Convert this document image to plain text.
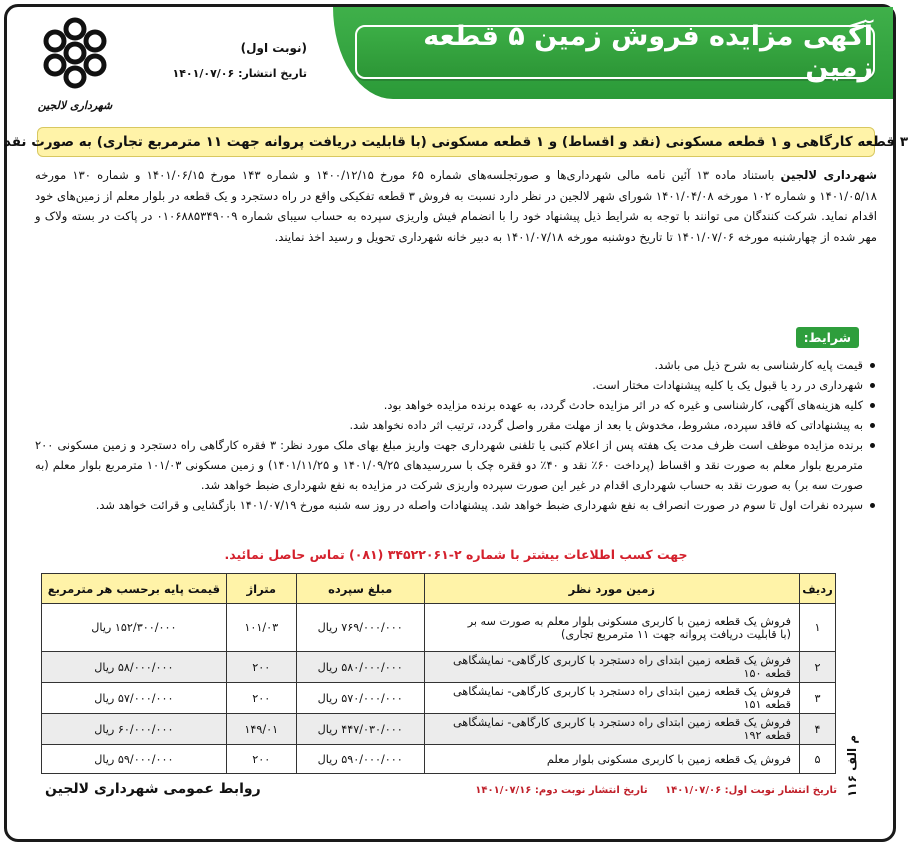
آگهی مزایده فروش زمین ۵ قطعه زمین
شهرداری لالجین
(نوبت اول)
تاریخ انتشار: ۱۴۰۱/۰۷/۰۶
۳ قطعه کارگاهی و ۱ قطعه مسکونی (نقد و اقساط) و ۱ قطعه مسکونی (با قابلیت دریافت پروانه جهت ۱۱ مترمربع تجاری) به صورت نقد

شهرداری لالجین باستناد ماده ۱۳ آئین نامه مالی شهرداری‌ها و صورتجلسه‌های شماره ۶۵ مورخ ۱۴۰۰/۱۲/۱۵ و شماره ۱۴۳ مورخ ۱۴۰۱/۰۶/۱۵ و شماره ۱۳۰ مورخه ۱۴۰۱/۰۵/۱۸ و شماره ۱۰۲ مورخه ۱۴۰۱/۰۴/۰۸ شورای شهر لالجین در نظر دارد نسبت به فروش ۳ قطعه تفکیکی واقع در راه دستجرد و یک قطعه در بلوار معلم از زمین‌های خود اقدام نماید. شرکت کنندگان می توانند با توجه به شرایط ذیل پیشنهاد خود را با انضمام فیش واریزی سپرده به حساب سیبای شماره ۰۱۰۶۸۸۵۳۴۹۰۰۹ در پاکت در بسته ولاک و مهر شده از چهارشنبه مورخه ۱۴۰۱/۰۷/۰۶ تا تاریخ دوشنبه مورخه ۱۴۰۱/۰۷/۱۸ به دبیر خانه شهرداری تحویل و رسید اخذ نمایند.

شرایط:
قیمت پایه کارشناسی به شرح ذیل می باشد.
شهرداری در رد یا قبول یک یا کلیه پیشنهادات مختار است.
کلیه هزینه‌های آگهی، کارشناسی و غیره که در اثر مزایده حادث گردد، به عهده برنده مزایده خواهد بود.
به پیشنهاداتی که فاقد سپرده، مشروط، مخدوش یا بعد از مهلت مقرر واصل گردد، ترتیب اثر داده نخواهد شد.
برنده مزایده موظف است ظرف مدت یک هفته پس از اعلام کتبی یا تلفنی شهرداری جهت واریز مبلغ بهای ملک مورد نظر: ۳ فقره کارگاهی راه دستجرد و زمین مسکونی ۲۰۰ مترمربع بلوار معلم به صورت نقد و اقساط (پرداخت ۶۰٪ نقد و ۴۰٪ دو فقره چک با سررسیدهای ۱۴۰۱/۰۹/۲۵ و ۱۴۰۱/۱۱/۲۵) و زمین مسکونی ۱۰۱/۰۳ مترمربع بلوار معلم (به صورت سه بر) به صورت نقد به حساب شهرداری اقدام در غیر این صورت سپرده واریزی شرکت در مزایده به نفع شهرداری ضبط خواهد شد.
سپرده نفرات اول تا سوم در صورت انصراف به نفع شهرداری ضبط خواهد شد. پیشنهادات واصله در روز سه شنبه مورخ ۱۴۰۱/۰۷/۱۹ بازگشایی و قرائت خواهد شد.
جهت کسب اطلاعات بیشتر با شماره ۲-۳۴۵۲۲۰۶۱ (۰۸۱) تماس حاصل نمائید.
ردیف	زمین مورد نظر	مبلغ سپرده	متراژ	قیمت پایه برحسب هر مترمربع
۱	فروش یک قطعه زمین با کاربری مسکونی بلوار معلم به صورت سه بر
(با قابلیت دریافت پروانه جهت ۱۱ مترمربع تجاری)	۷۶۹/۰۰۰/۰۰۰ ریال	۱۰۱/۰۳	۱۵۲/۳۰۰/۰۰۰ ریال
۲	فروش یک قطعه زمین ابتدای راه دستجرد با کاربری کارگاهی- نمایشگاهی قطعه ۱۵۰	۵۸۰/۰۰۰/۰۰۰ ریال	۲۰۰	۵۸/۰۰۰/۰۰۰ ریال
۳	فروش یک قطعه زمین ابتدای راه دستجرد با کاربری کارگاهی- نمایشگاهی قطعه ۱۵۱	۵۷۰/۰۰۰/۰۰۰ ریال	۲۰۰	۵۷/۰۰۰/۰۰۰ ریال
۴	فروش یک قطعه زمین ابتدای راه دستجرد با کاربری کارگاهی- نمایشگاهی قطعه ۱۹۲	۴۴۷/۰۳۰/۰۰۰ ریال	۱۴۹/۰۱	۶۰/۰۰۰/۰۰۰ ریال
۵	فروش یک قطعه زمین با کاربری مسکونی بلوار معلم	۵۹۰/۰۰۰/۰۰۰ ریال	۲۰۰	۵۹/۰۰۰/۰۰۰ ریال
م الف ۱۱۶
تاریخ انتشار نوبت اول: ۱۴۰۱/۰۷/۰۶ تاریخ انتشار نوبت دوم: ۱۴۰۱/۰۷/۱۶
روابط عمومی شهرداری لالجین
